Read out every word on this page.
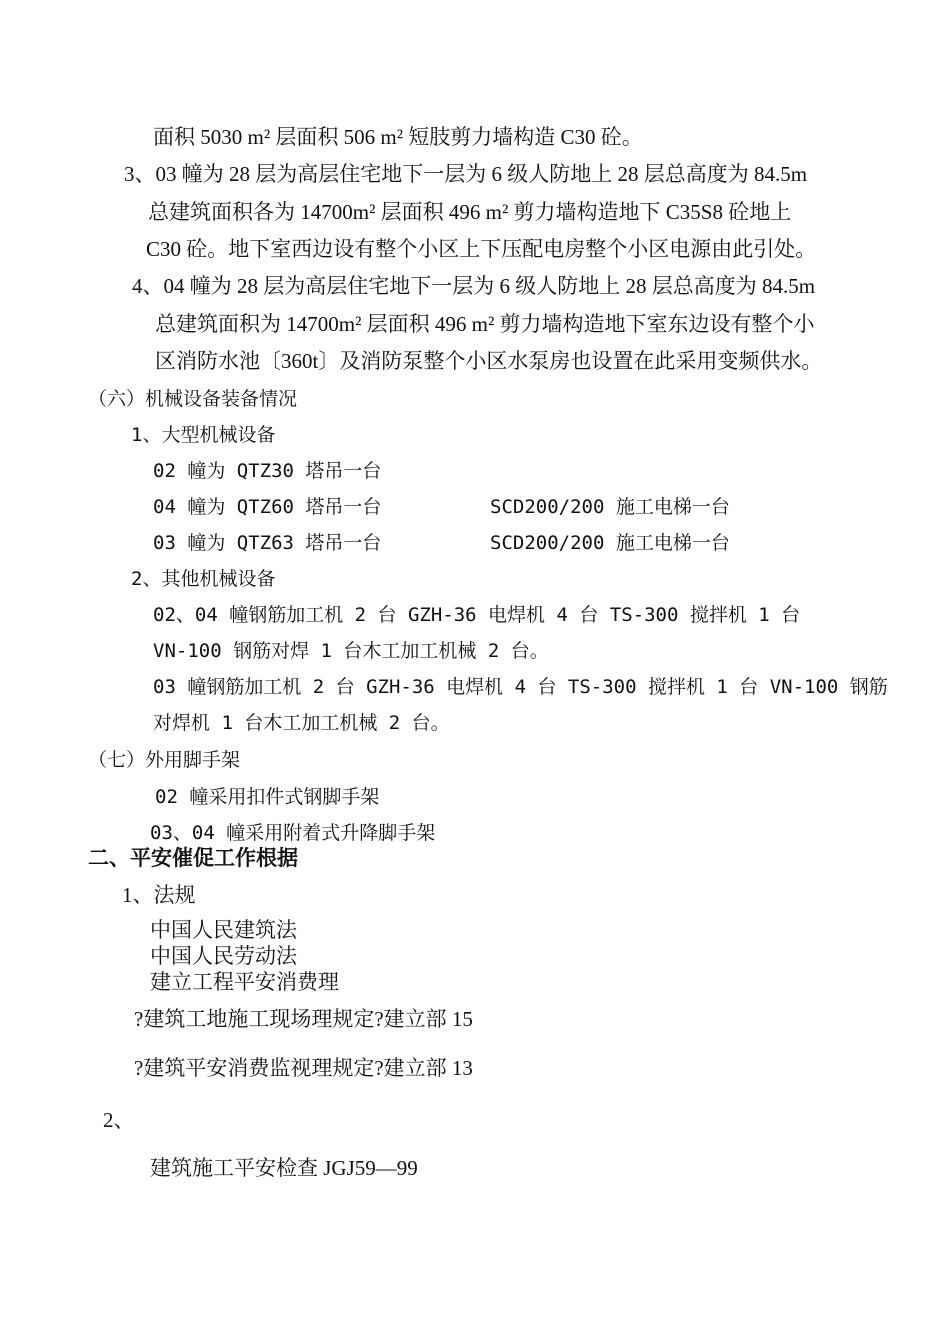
面积 5030 m² 层面积 506 m² 短肢剪力墙构造 C30 砼。
3、03 幢为 28 层为高层住宅地下一层为 6 级人防地上 28 层总高度为 84.5m
总建筑面积各为 14700m² 层面积 496 m² 剪力墙构造地下 C35S8 砼地上
C30 砼。地下室西边设有整个小区上下压配电房整个小区电源由此引处。
4、04 幢为 28 层为高层住宅地下一层为 6 级人防地上 28 层总高度为 84.5m
总建筑面积为 14700m² 层面积 496 m² 剪力墙构造地下室东边设有整个小
区消防水池〔360t〕及消防泵整个小区水泵房也设置在此采用变频供水。
（六）机械设备装备情况
1、大型机械设备
02 幢为 QTZ30 塔吊一台
04 幢为 QTZ60 塔吊一台	SCD200/200 施工电梯一台
03 幢为 QTZ63 塔吊一台	SCD200/200 施工电梯一台
2、其他机械设备
02、04 幢钢筋加工机 2 台 GZH-36 电焊机 4 台 TS-300 搅拌机 1 台
VN-100 钢筋对焊 1 台木工加工机械 2 台。
03 幢钢筋加工机 2 台 GZH-36 电焊机 4 台 TS-300 搅拌机 1 台 VN-100 钢筋
对焊机 1 台木工加工机械 2 台。
（七）外用脚手架
02 幢采用扣件式钢脚手架
03、04 幢采用附着式升降脚手架
二、平安催促工作根据
1、法规
中国人民建筑法
中国人民劳动法
建立工程平安消费理
?建筑工地施工现场理规定?建立部 15
?建筑平安消费监视理规定?建立部 13
2、
建筑施工平安检查 JGJ59—99
